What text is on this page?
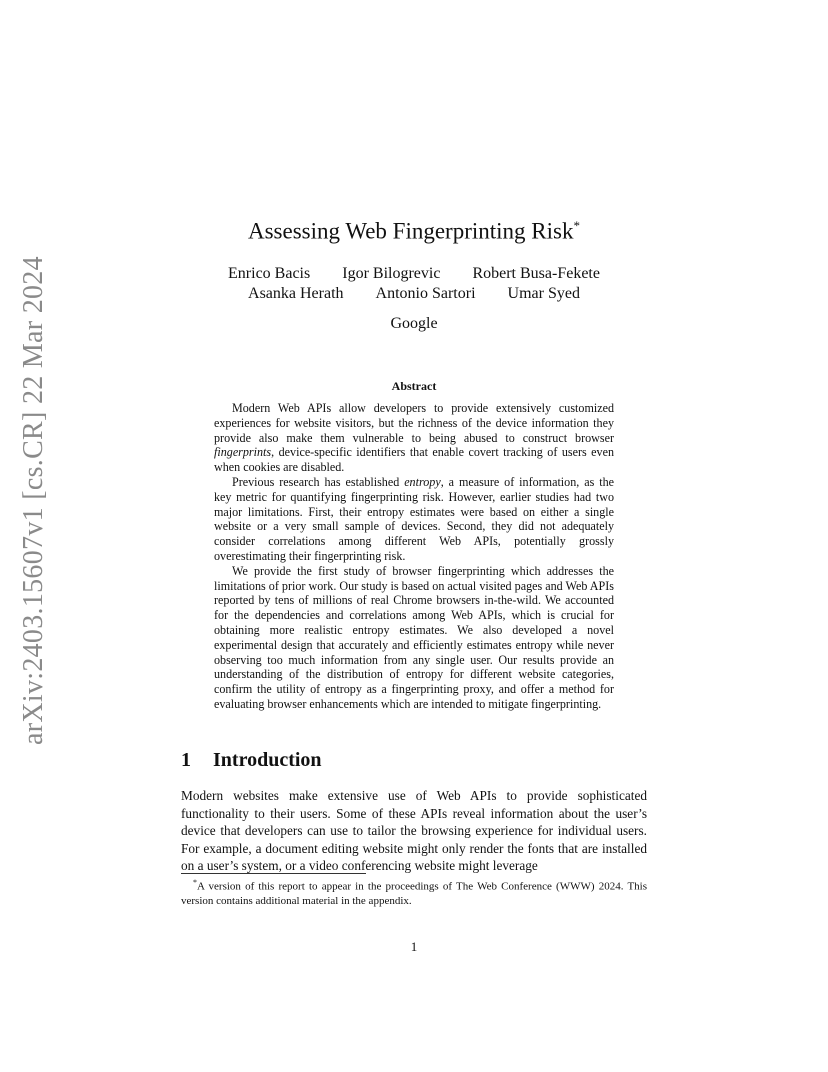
arXiv:2403.15607v1 [cs.CR] 22 Mar 2024
Assessing Web Fingerprinting Risk*
Enrico Bacis Igor Bilogrevic Robert Busa-Fekete
Asanka Herath Antonio Sartori Umar Syed
Google
Abstract

Modern Web APIs allow developers to provide extensively customized experiences for website visitors, but the richness of the device information they provide also make them vulnerable to being abused to construct browser fingerprints, device-specific identifiers that enable covert tracking of users even when cookies are disabled.

Previous research has established entropy, a measure of information, as the key metric for quantifying fingerprinting risk. However, earlier studies had two major limitations. First, their entropy estimates were based on either a single website or a very small sample of devices. Second, they did not adequately consider correlations among different Web APIs, potentially grossly overestimating their fingerprinting risk.

We provide the first study of browser fingerprinting which addresses the limitations of prior work. Our study is based on actual visited pages and Web APIs reported by tens of millions of real Chrome browsers in-the-wild. We accounted for the dependencies and correlations among Web APIs, which is crucial for obtaining more realistic entropy estimates. We also developed a novel experimental design that accurately and efficiently estimates entropy while never observing too much information from any single user. Our results provide an understanding of the distribution of entropy for different website categories, confirm the utility of entropy as a fingerprinting proxy, and offer a method for evaluating browser enhancements which are intended to mitigate fingerprinting.

1 Introduction

Modern websites make extensive use of Web APIs to provide sophisticated functionality to their users. Some of these APIs reveal information about the user’s device that developers can use to tailor the browsing experience for individual users. For example, a document editing website might only render the fonts that are installed on a user’s system, or a video conferencing website might leverage

*A version of this report to appear in the proceedings of The Web Conference (WWW) 2024. This version contains additional material in the appendix.

1
